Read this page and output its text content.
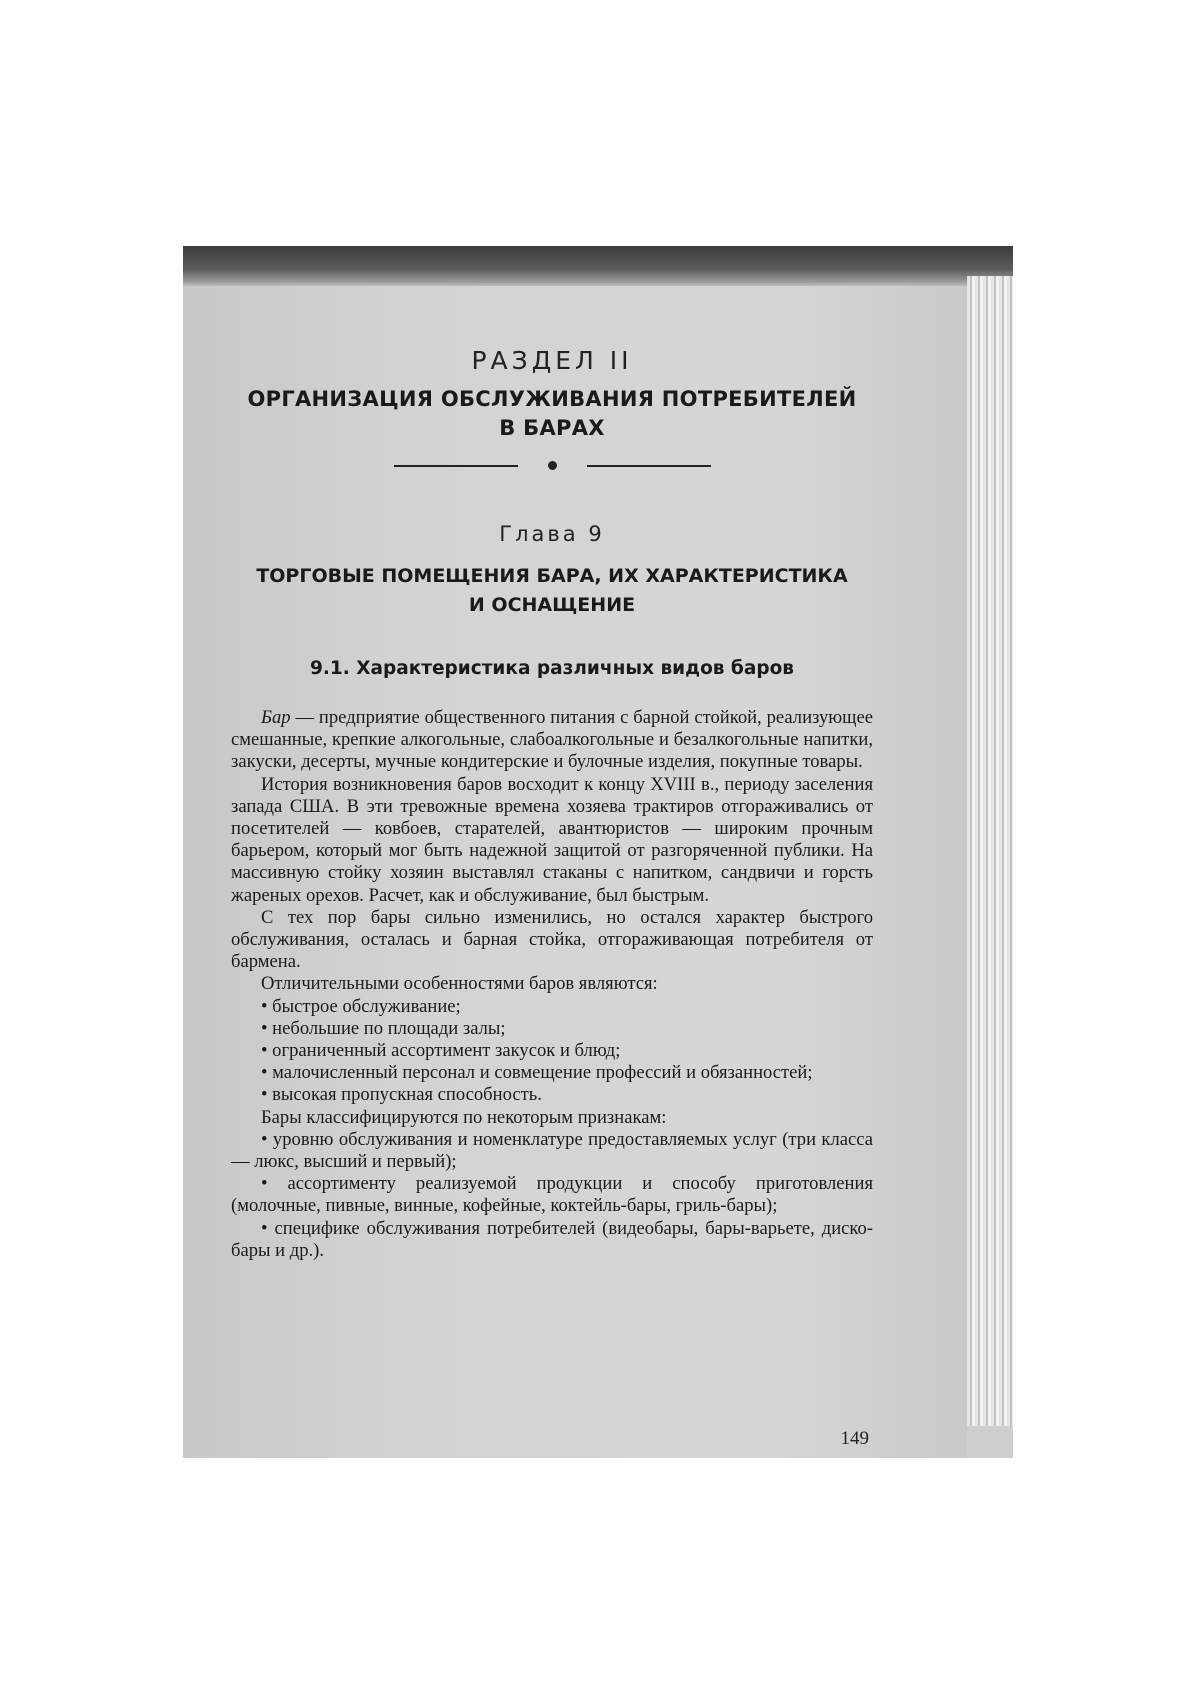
РАЗДЕЛ II
ОРГАНИЗАЦИЯ ОБСЛУЖИВАНИЯ ПОТРЕБИТЕЛЕЙ
В БАРАХ
Глава 9
ТОРГОВЫЕ ПОМЕЩЕНИЯ БАРА, ИХ ХАРАКТЕРИСТИКА
И ОСНАЩЕНИЕ
9.1. Характеристика различных видов баров

Бар — предприятие общественного питания с барной стойкой, реализующее смешанные, крепкие алкогольные, слабоалкогольные и безалкогольные напитки, закуски, десерты, мучные кондитерские и булочные изделия, покупные товары.

История возникновения баров восходит к концу XVIII в., периоду заселения запада США. В эти тревожные времена хозяева трактиров отгораживались от посетителей — ковбоев, старателей, авантюристов — широким прочным барьером, который мог быть надежной защитой от разгоряченной публики. На массивную стойку хозяин выставлял стаканы с напитком, сандвичи и горсть жареных орехов. Расчет, как и обслуживание, был быстрым.

С тех пор бары сильно изменились, но остался характер быстрого обслуживания, осталась и барная стойка, отгораживающая потребителя от бармена.

Отличительными особенностями баров являются:

• быстрое обслуживание;
• небольшие по площади залы;
• ограниченный ассортимент закусок и блюд;
• малочисленный персонал и совмещение профессий и обязанностей;
• высокая пропускная способность.

Бары классифицируются по некоторым признакам:

• уровню обслуживания и номенклатуре предоставляемых услуг (три класса — люкс, высший и первый);
• ассортименту реализуемой продукции и способу приготовления (молочные, пивные, винные, кофейные, коктейль-бары, гриль-бары);
• специфике обслуживания потребителей (видеобары, бары-варьете, диско-бары и др.).
149
